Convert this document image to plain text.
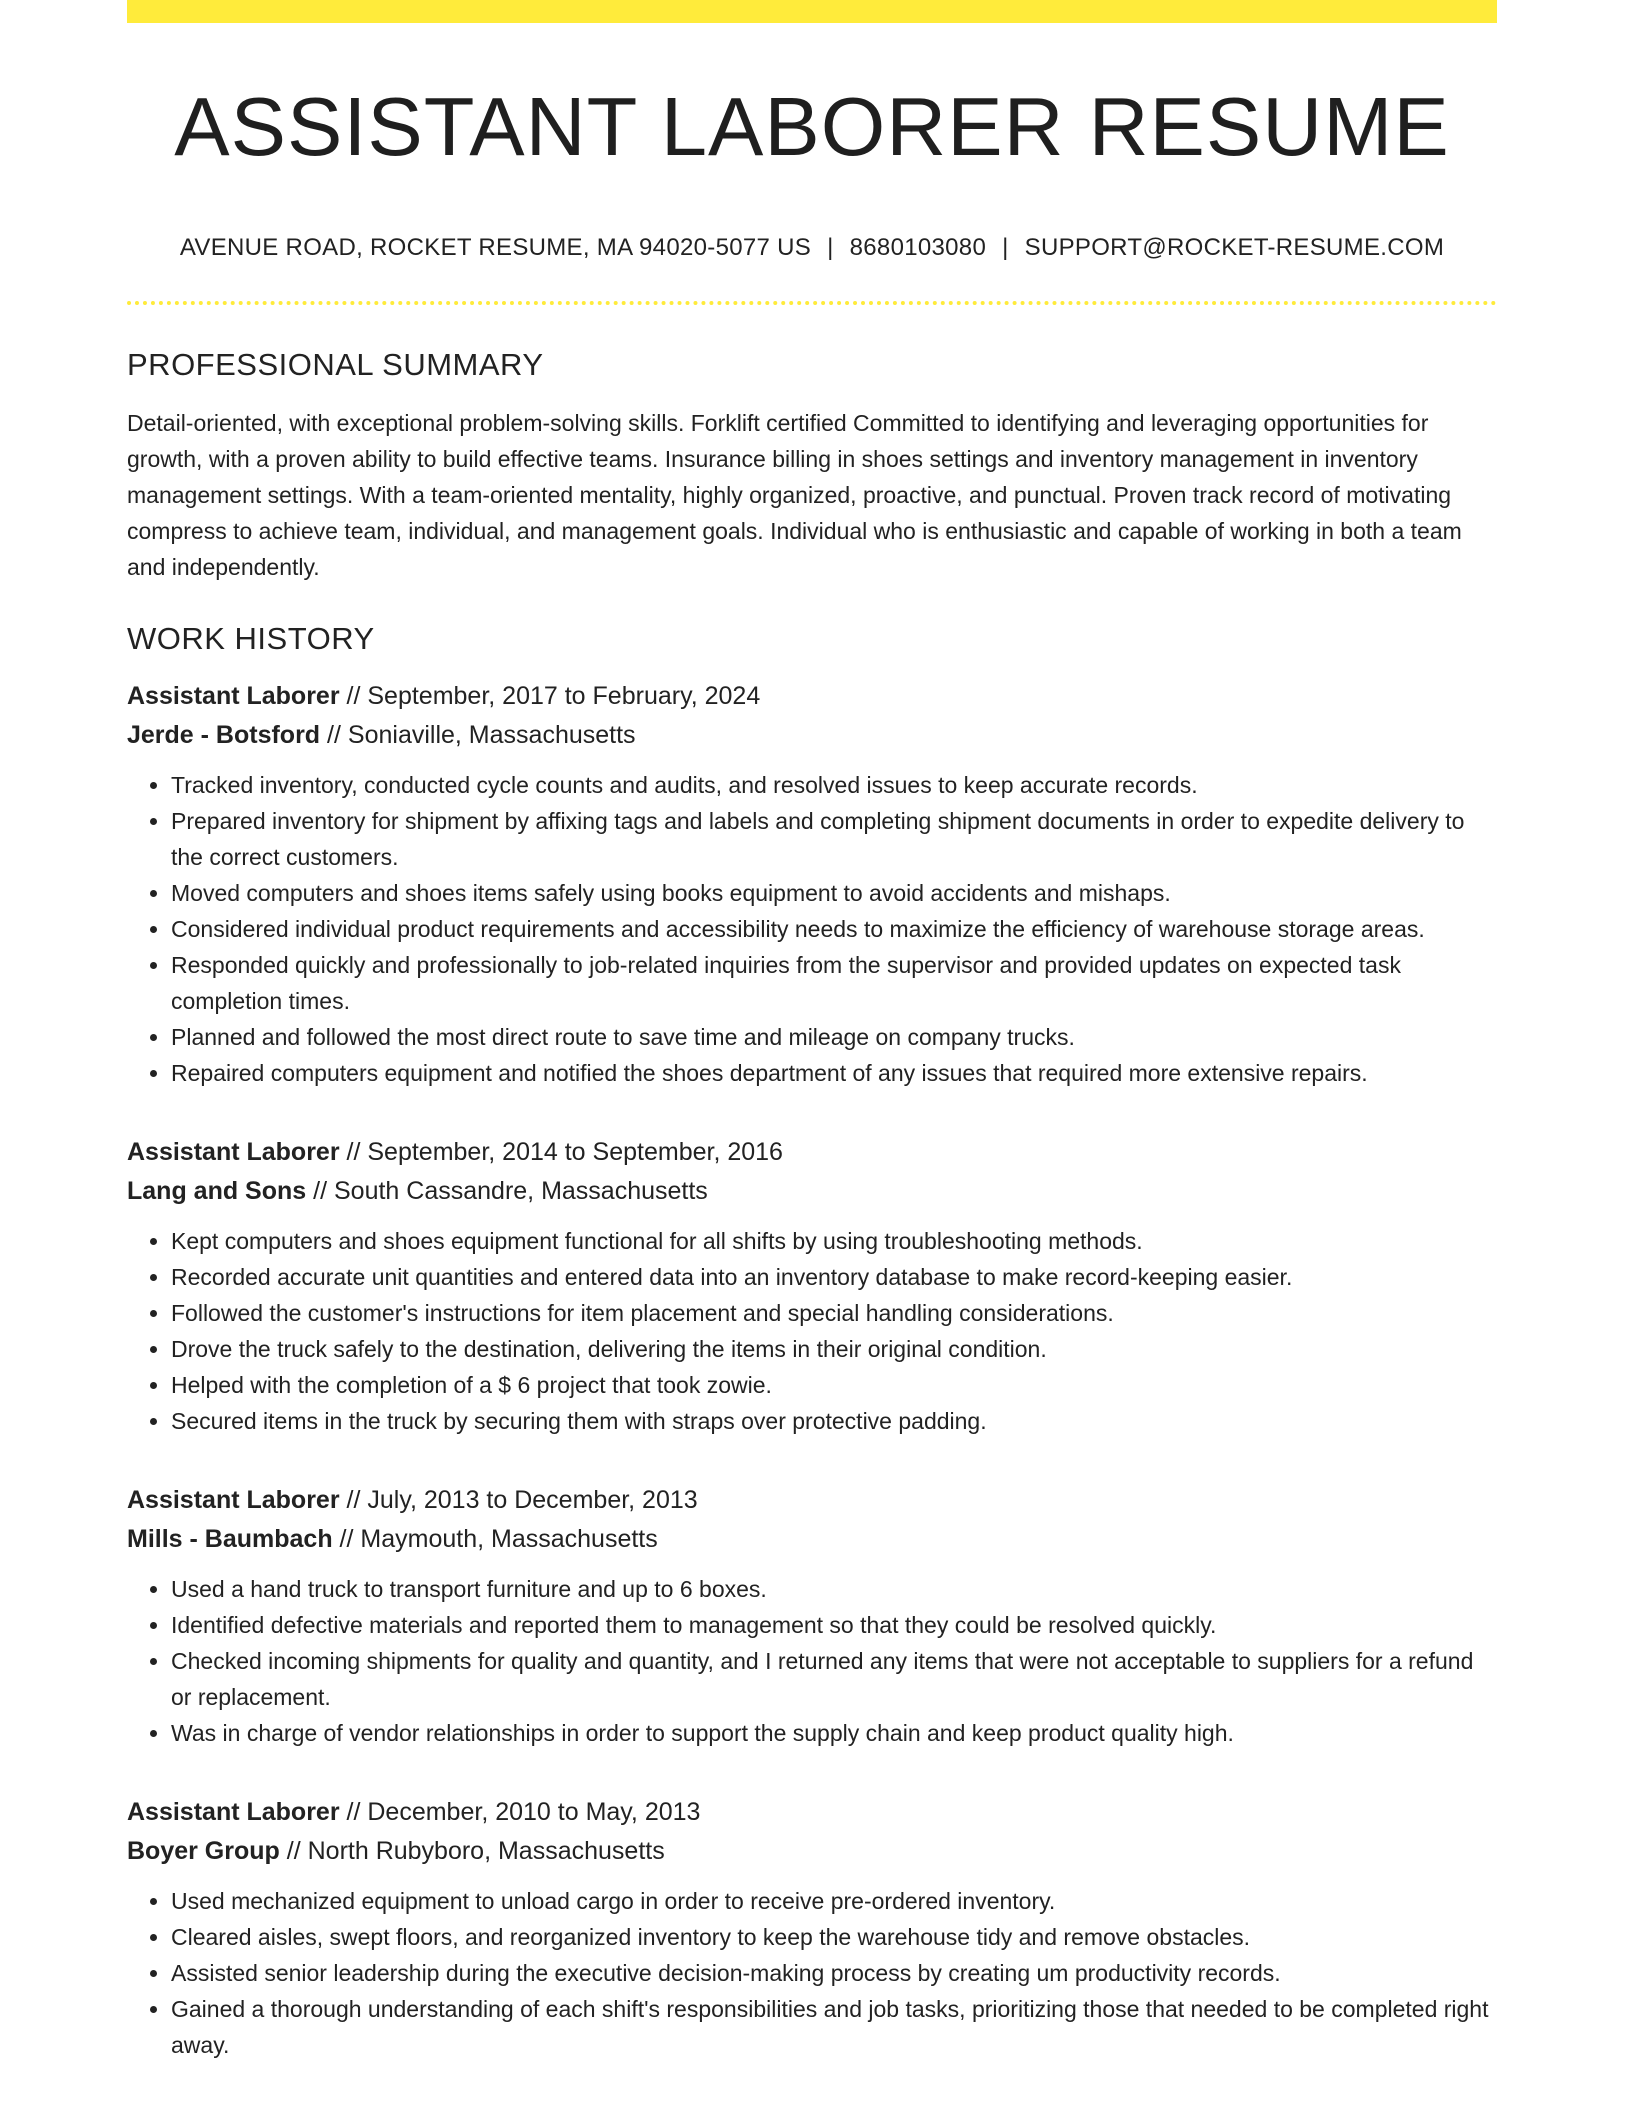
ASSISTANT LABORER RESUME
AVENUE ROAD, ROCKET RESUME, MA 94020-5077 US | 8680103080 | SUPPORT@ROCKET-RESUME.COM
PROFESSIONAL SUMMARY

Detail-oriented, with exceptional problem-solving skills. Forklift certified Committed to identifying and leveraging opportunities for growth, with a proven ability to build effective teams. Insurance billing in shoes settings and inventory management in inventory management settings. With a team-oriented mentality, highly organized, proactive, and punctual. Proven track record of motivating compress to achieve team, individual, and management goals. Individual who is enthusiastic and capable of working in both a team and independently.

WORK HISTORY
Assistant Laborer // September, 2017 to February, 2024
Jerde - Botsford // Soniaville, Massachusetts
• Tracked inventory, conducted cycle counts and audits, and resolved issues to keep accurate records.
• Prepared inventory for shipment by affixing tags and labels and completing shipment documents in order to expedite delivery to the correct customers.
• Moved computers and shoes items safely using books equipment to avoid accidents and mishaps.
• Considered individual product requirements and accessibility needs to maximize the efficiency of warehouse storage areas.
• Responded quickly and professionally to job-related inquiries from the supervisor and provided updates on expected task completion times.
• Planned and followed the most direct route to save time and mileage on company trucks.
• Repaired computers equipment and notified the shoes department of any issues that required more extensive repairs.
Assistant Laborer // September, 2014 to September, 2016
Lang and Sons // South Cassandre, Massachusetts
• Kept computers and shoes equipment functional for all shifts by using troubleshooting methods.
• Recorded accurate unit quantities and entered data into an inventory database to make record-keeping easier.
• Followed the customer's instructions for item placement and special handling considerations.
• Drove the truck safely to the destination, delivering the items in their original condition.
• Helped with the completion of a $ 6 project that took zowie.
• Secured items in the truck by securing them with straps over protective padding.
Assistant Laborer // July, 2013 to December, 2013
Mills - Baumbach // Maymouth, Massachusetts
• Used a hand truck to transport furniture and up to 6 boxes.
• Identified defective materials and reported them to management so that they could be resolved quickly.
• Checked incoming shipments for quality and quantity, and I returned any items that were not acceptable to suppliers for a refund or replacement.
• Was in charge of vendor relationships in order to support the supply chain and keep product quality high.
Assistant Laborer // December, 2010 to May, 2013
Boyer Group // North Rubyboro, Massachusetts
• Used mechanized equipment to unload cargo in order to receive pre-ordered inventory.
• Cleared aisles, swept floors, and reorganized inventory to keep the warehouse tidy and remove obstacles.
• Assisted senior leadership during the executive decision-making process by creating um productivity records.
• Gained a thorough understanding of each shift's responsibilities and job tasks, prioritizing those that needed to be completed right away.
